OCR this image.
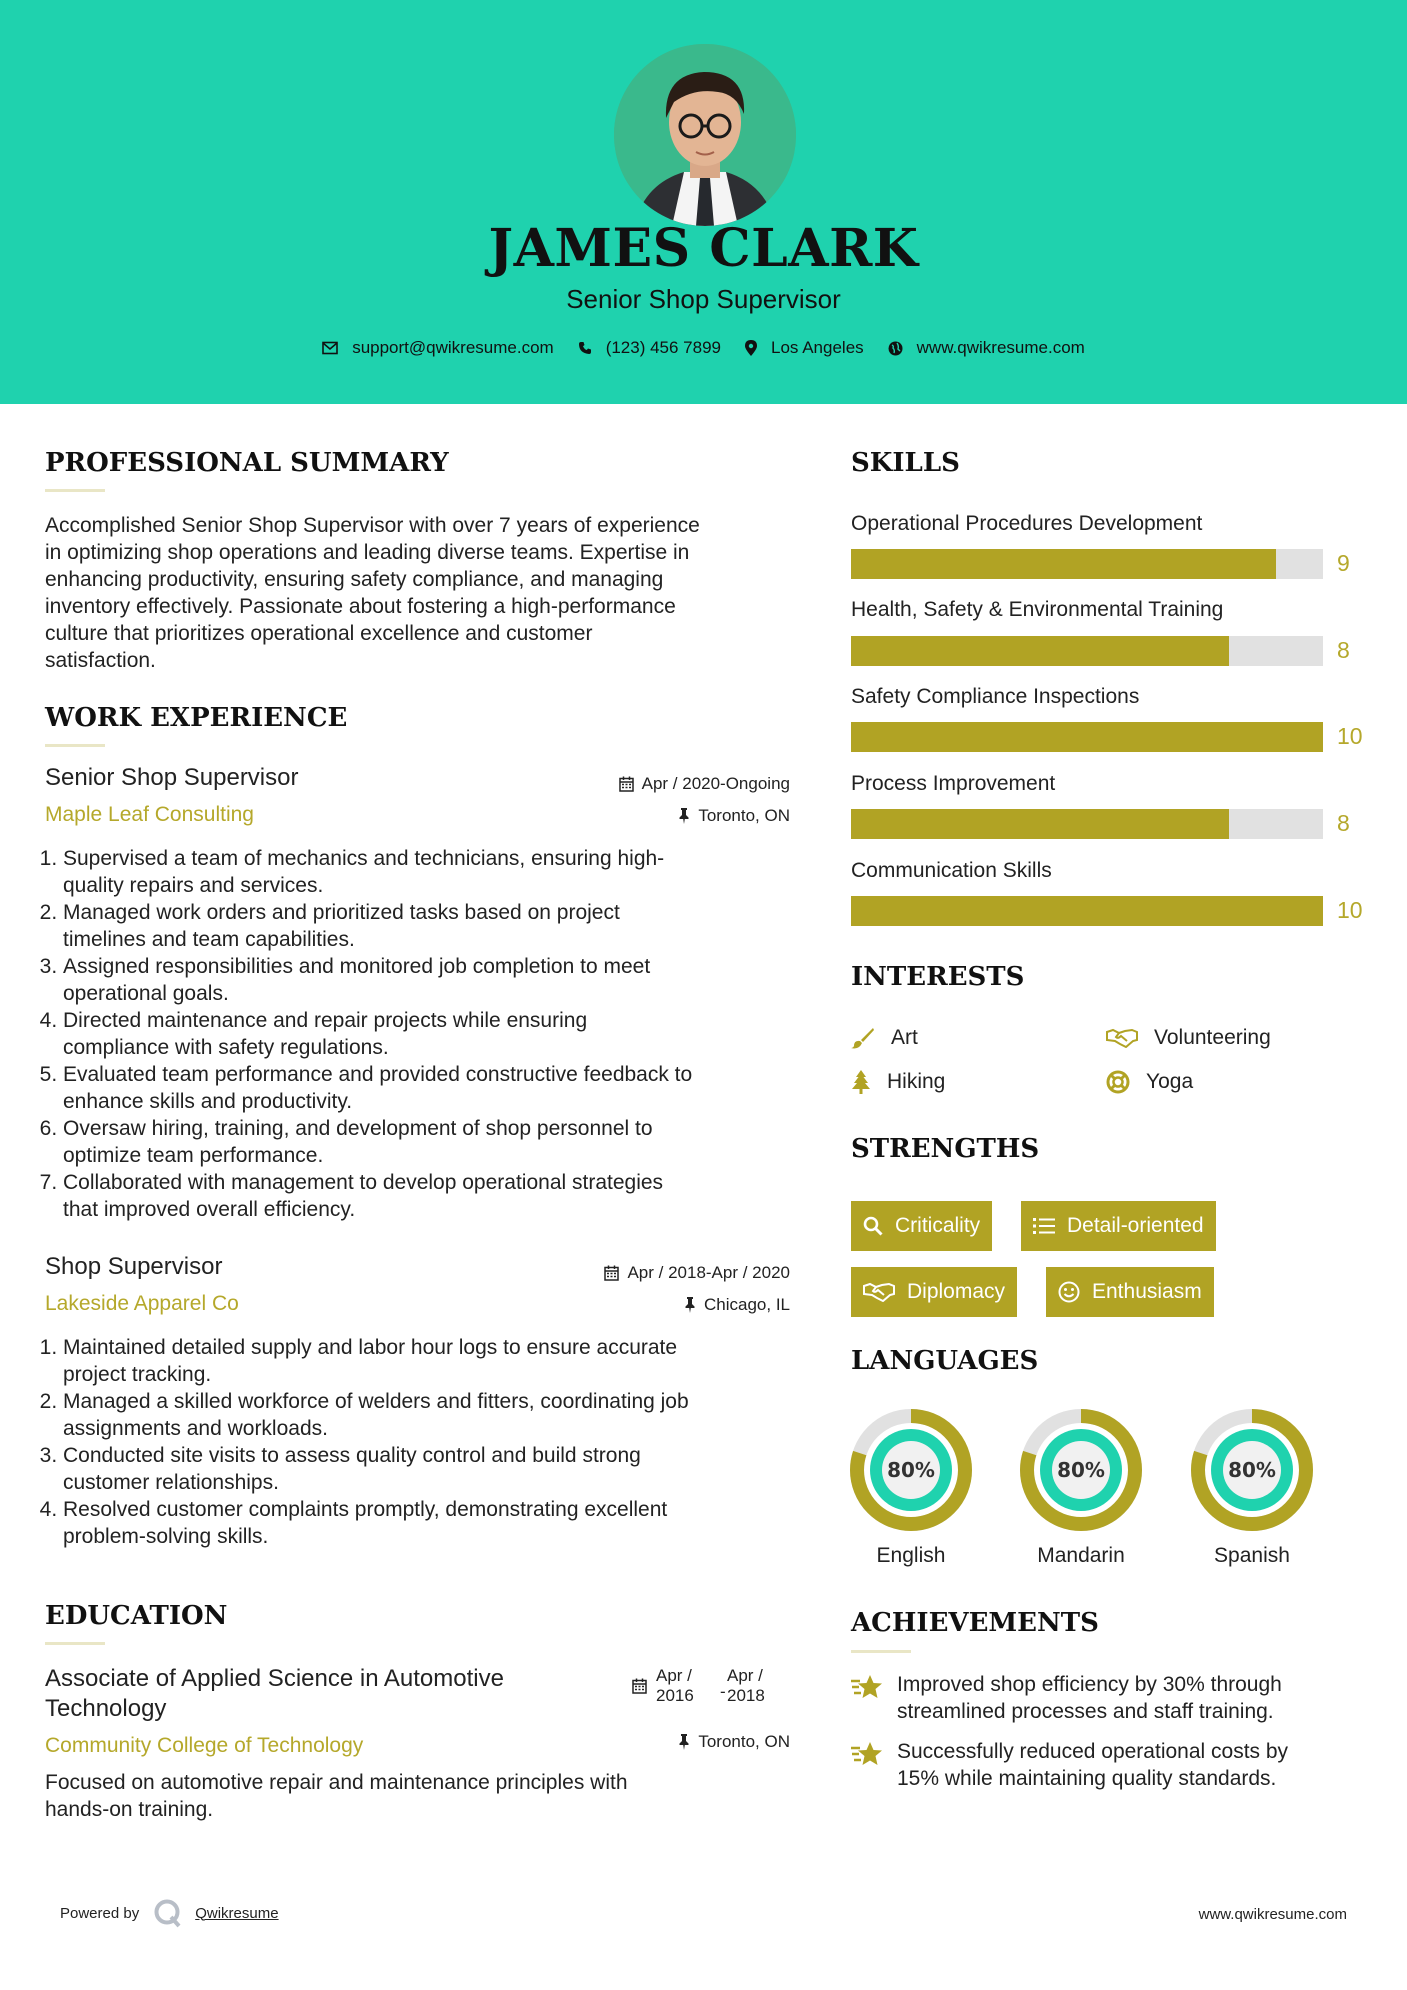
JAMES CLARK
Senior Shop Supervisor
support@qwikresume.com	(123) 456 7899	Los Angeles	www.qwikresume.com
PROFESSIONAL SUMMARY
Accomplished Senior Shop Supervisor with over 7 years of experience
in optimizing shop operations and leading diverse teams. Expertise in
enhancing productivity, ensuring safety compliance, and managing
inventory effectively. Passionate about fostering a high-performance
culture that prioritizes operational excellence and customer
satisfaction.
WORK EXPERIENCE
Senior Shop Supervisor	Apr / 2020-Ongoing
Maple Leaf Consulting	Toronto, ON
1. Supervised a team of mechanics and technicians, ensuring high-
quality repairs and services.
2. Managed work orders and prioritized tasks based on project
timelines and team capabilities.
3. Assigned responsibilities and monitored job completion to meet
operational goals.
4. Directed maintenance and repair projects while ensuring
compliance with safety regulations.
5. Evaluated team performance and provided constructive feedback to
enhance skills and productivity.
6. Oversaw hiring, training, and development of shop personnel to
optimize team performance.
7. Collaborated with management to develop operational strategies
that improved overall efficiency.
Shop Supervisor	Apr / 2018-Apr / 2020
Lakeside Apparel Co	Chicago, IL
1. Maintained detailed supply and labor hour logs to ensure accurate
project tracking.
2. Managed a skilled workforce of welders and fitters, coordinating job
assignments and workloads.
3. Conducted site visits to assess quality control and build strong
customer relationships.
4. Resolved customer complaints promptly, demonstrating excellent
problem-solving skills.
EDUCATION
Associate of Applied Science in Automotive
Technology
Apr /
2016	-
Apr /
2018
Community College of Technology	Toronto, ON
Focused on automotive repair and maintenance principles with
hands-on training.
SKILLS
Operational Procedures Development
9
Health, Safety & Environmental Training
8
Safety Compliance Inspections
10
Process Improvement
8
Communication Skills
10
INTERESTS
Art	Volunteering
Hiking	Yoga
STRENGTHS
Criticality	Detail-oriented
Diplomacy	Enthusiasm
LANGUAGES
80%
English
80%
Mandarin
80%
Spanish
ACHIEVEMENTS
Improved shop efficiency by 30% through
streamlined processes and staff training.
Successfully reduced operational costs by
15% while maintaining quality standards.
Powered by	Qwikresume	www.qwikresume.com
